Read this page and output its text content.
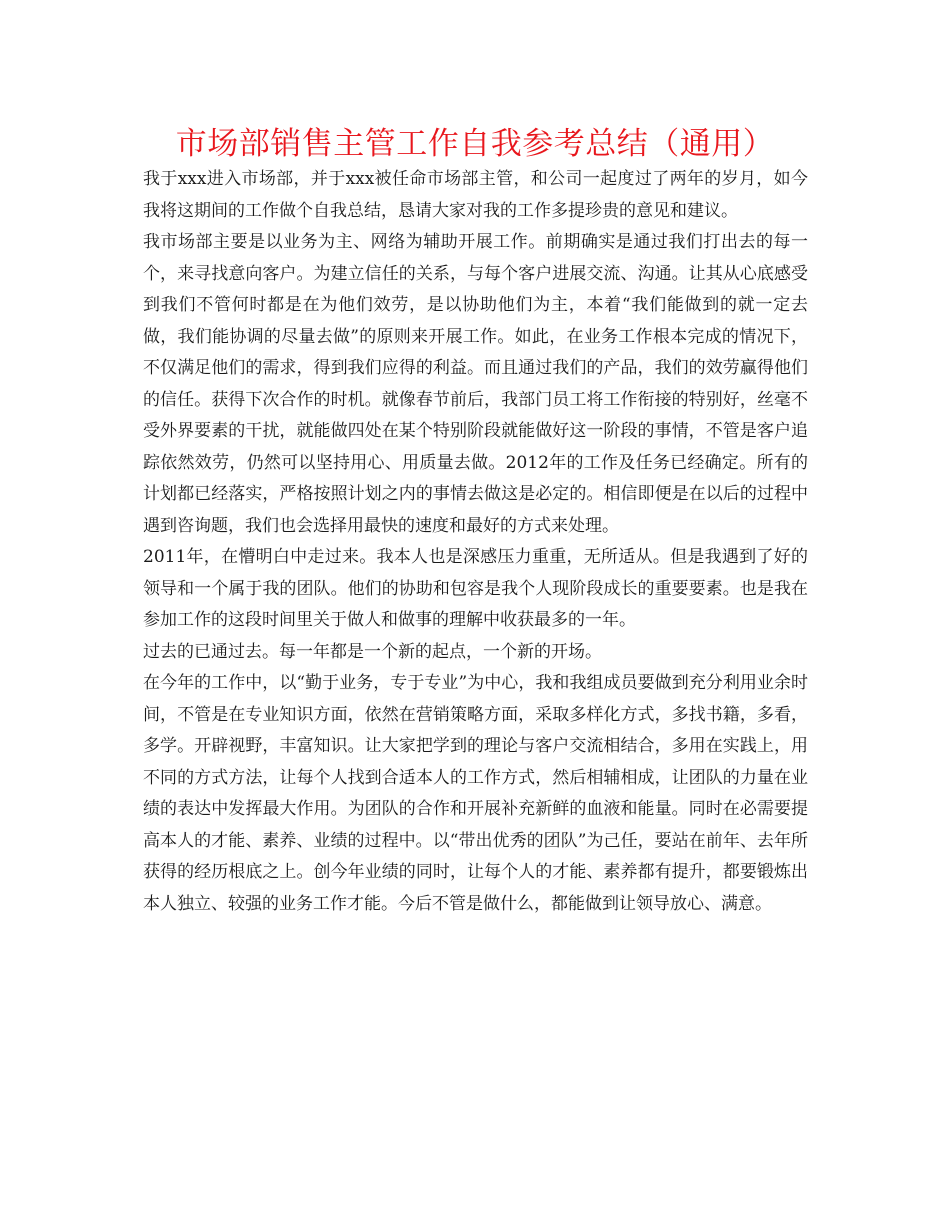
市场部销售主管工作自我参考总结（通用）

我于xxx进入市场部，并于xxx被任命市场部主管，和公司一起度过了两年的岁月，如今我将这期间的工作做个自我总结，恳请大家对我的工作多提珍贵的意见和建议。

我市场部主要是以业务为主、网络为辅助开展工作。前期确实是通过我们打出去的每一个，来寻找意向客户。为建立信任的关系，与每个客户进展交流、沟通。让其从心底感受到我们不管何时都是在为他们效劳，是以协助他们为主，本着“我们能做到的就一定去做，我们能协调的尽量去做”的原则来开展工作。如此，在业务工作根本完成的情况下，不仅满足他们的需求，得到我们应得的利益。而且通过我们的产品，我们的效劳赢得他们的信任。获得下次合作的时机。就像春节前后，我部门员工将工作衔接的特别好，丝毫不受外界要素的干扰，就能做四处在某个特别阶段就能做好这一阶段的事情，不管是客户追踪依然效劳，仍然可以坚持用心、用质量去做。2012年的工作及任务已经确定。所有的计划都已经落实，严格按照计划之内的事情去做这是必定的。相信即便是在以后的过程中遇到咨询题，我们也会选择用最快的速度和最好的方式来处理。

2011年，在懵明白中走过来。我本人也是深感压力重重，无所适从。但是我遇到了好的领导和一个属于我的团队。他们的协助和包容是我个人现阶段成长的重要要素。也是我在参加工作的这段时间里关于做人和做事的理解中收获最多的一年。

过去的已通过去。每一年都是一个新的起点，一个新的开场。

在今年的工作中，以“勤于业务，专于专业”为中心，我和我组成员要做到充分利用业余时间，不管是在专业知识方面，依然在营销策略方面，采取多样化方式，多找书籍，多看，多学。开辟视野，丰富知识。让大家把学到的理论与客户交流相结合，多用在实践上，用不同的方式方法，让每个人找到合适本人的工作方式，然后相辅相成，让团队的力量在业绩的表达中发挥最大作用。为团队的合作和开展补充新鲜的血液和能量。同时在必需要提高本人的才能、素养、业绩的过程中。以“带出优秀的团队”为己任，要站在前年、去年所获得的经历根底之上。创今年业绩的同时，让每个人的才能、素养都有提升，都要锻炼出本人独立、较强的业务工作才能。今后不管是做什么，都能做到让领导放心、满意。
